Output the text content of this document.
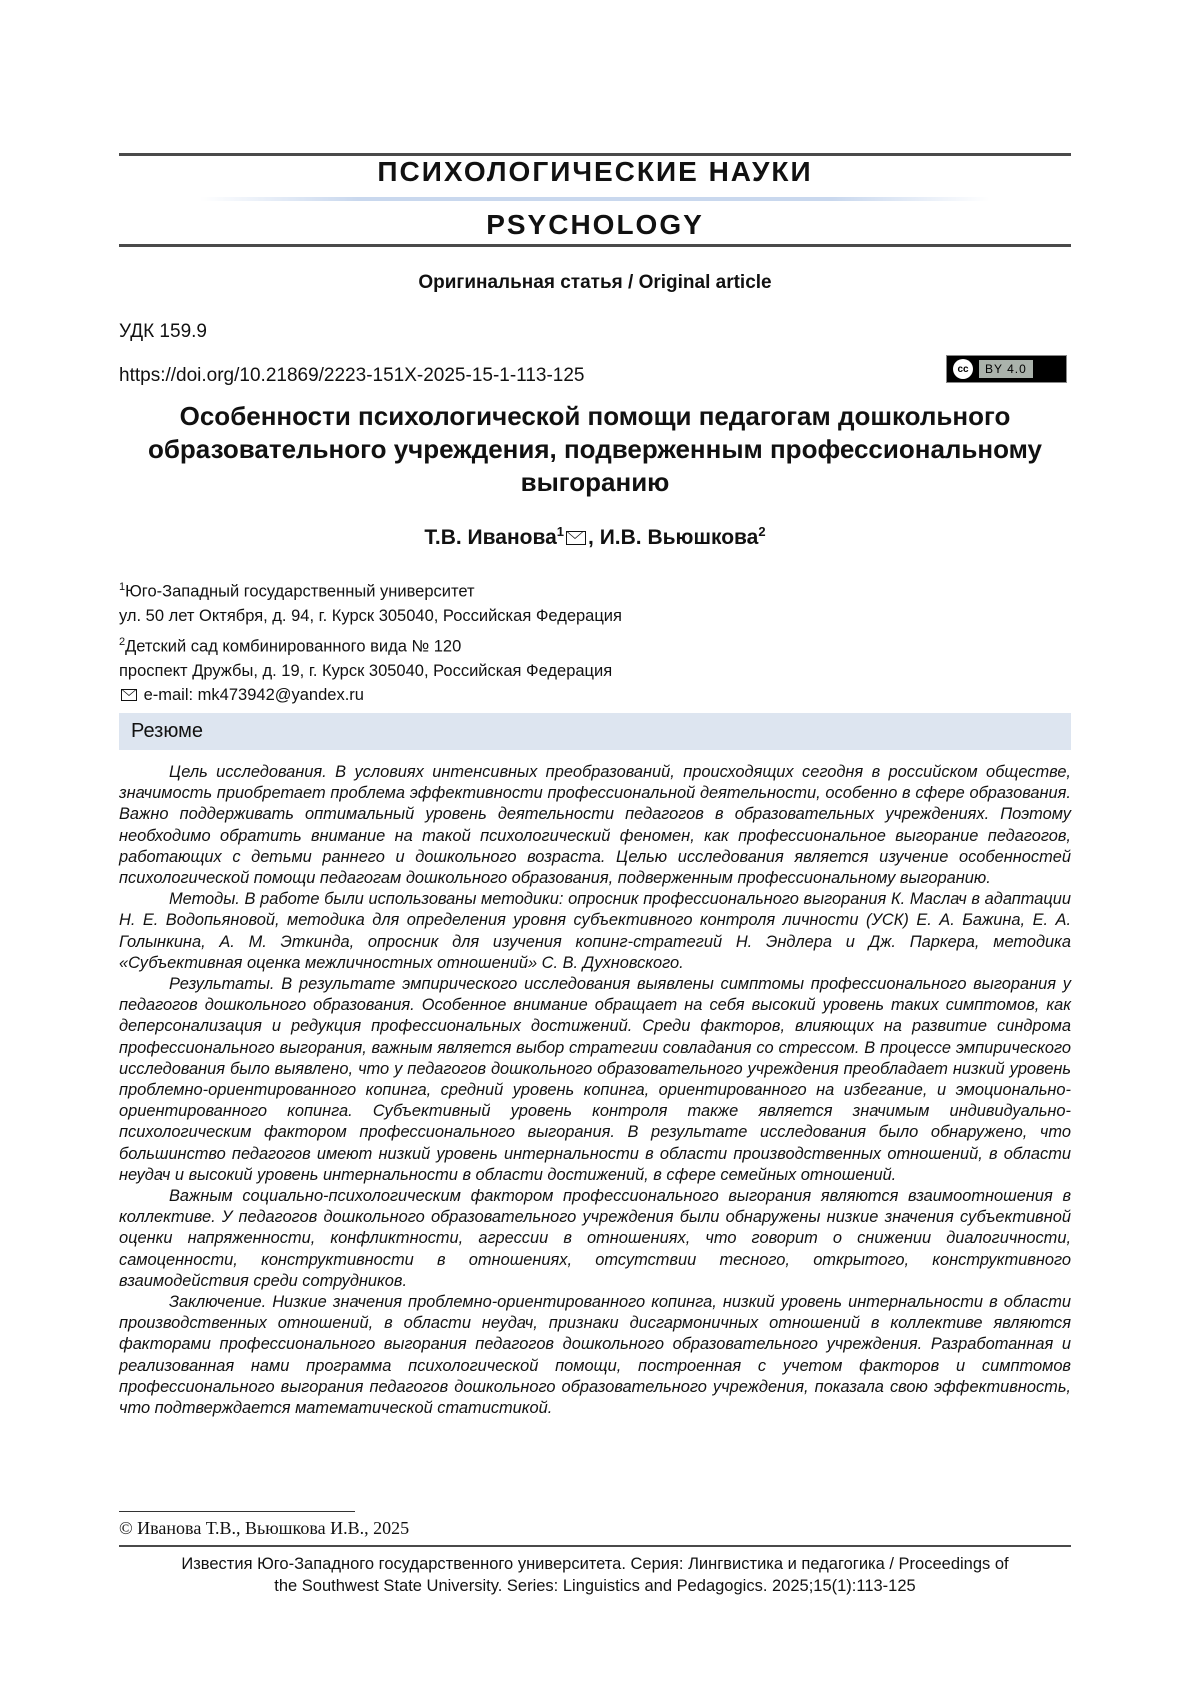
ПСИХОЛОГИЧЕСКИЕ НАУКИ
PSYCHOLOGY
Оригинальная статья / Original article
УДК 159.9
https://doi.org/10.21869/2223-151X-2025-15-1-113-125	cc	BY 4.0
Особенности психологической помощи педагогам дошкольного образовательного учреждения, подверженным профессиональному выгоранию
Т.В. Иванова$^1$ , И.В. Вьюшкова$^2$
$^1$Юго-Западный государственный университет
ул. 50 лет Октября, д. 94, г. Курск 305040, Российская Федерация
$^2$Детский сад комбинированного вида № 120
проспект Дружбы, д. 19, г. Курск 305040, Российская Федерация
e-mail: mk473942@yandex.ru
Резюме

Цель исследования. В условиях интенсивных преобразований, происходящих сегодня в российском обществе, значимость приобретает проблема эффективности профессиональной деятельности, особенно в сфере образования. Важно поддерживать оптимальный уровень деятельности педагогов в образовательных учреждениях. Поэтому необходимо обратить внимание на такой психологический феномен, как профессиональное выгорание педагогов, работающих с детьми раннего и дошкольного возраста. Целью исследования является изучение особенностей психологической помощи педагогам дошкольного образования, подверженным профессиональному выгоранию.

Методы. В работе были использованы методики: опросник профессионального выгорания К. Маслач в адаптации Н. Е. Водопьяновой, методика для определения уровня субъективного контроля личности (УСК) Е. А. Бажина, Е. А. Голынкина, А. М. Эткинда, опросник для изучения копинг-стратегий Н. Эндлера и Дж. Паркера, методика «Субъективная оценка межличностных отношений» С. В. Духновского.

Результаты. В результате эмпирического исследования выявлены симптомы профессионального выгорания у педагогов дошкольного образования. Особенное внимание обращает на себя высокий уровень таких симптомов, как деперсонализация и редукция профессиональных достижений. Среди факторов, влияющих на развитие синдрома профессионального выгорания, важным является выбор стратегии совладания со стрессом. В процессе эмпирического исследования было выявлено, что у педагогов дошкольного образовательного учреждения преобладает низкий уровень проблемно-ориентированного копинга, средний уровень копинга, ориентированного на избегание, и эмоционально-ориентированного копинга. Субъективный уровень контроля также является значимым индивидуально-психологическим фактором профессионального выгорания. В результате исследования было обнаружено, что большинство педагогов имеют низкий уровень интернальности в области производственных отношений, в области неудач и высокий уровень интернальности в области достижений, в сфере семейных отношений.

Важным социально-психологическим фактором профессионального выгорания являются взаимоотношения в коллективе. У педагогов дошкольного образовательного учреждения были обнаружены низкие значения субъективной оценки напряженности, конфликтности, агрессии в отношениях, что говорит о снижении диалогичности, самоценности, конструктивности в отношениях, отсутствии тесного, открытого, конструктивного взаимодействия среди сотрудников.

Заключение. Низкие значения проблемно-ориентированного копинга, низкий уровень интернальности в области производственных отношений, в области неудач, признаки дисгармоничных отношений в коллективе являются факторами профессионального выгорания педагогов дошкольного образовательного учреждения. Разработанная и реализованная нами программа психологической помощи, построенная с учетом факторов и симптомов профессионального выгорания педагогов дошкольного образовательного учреждения, показала свою эффективность, что подтверждается математической статистикой.

© Иванова Т.В., Вьюшкова И.В., 2025
Известия Юго-Западного государственного университета. Серия: Лингвистика и педагогика / Proceedings of
the Southwest State University. Series: Linguistics and Pedagogics. 2025;15(1):113-125
